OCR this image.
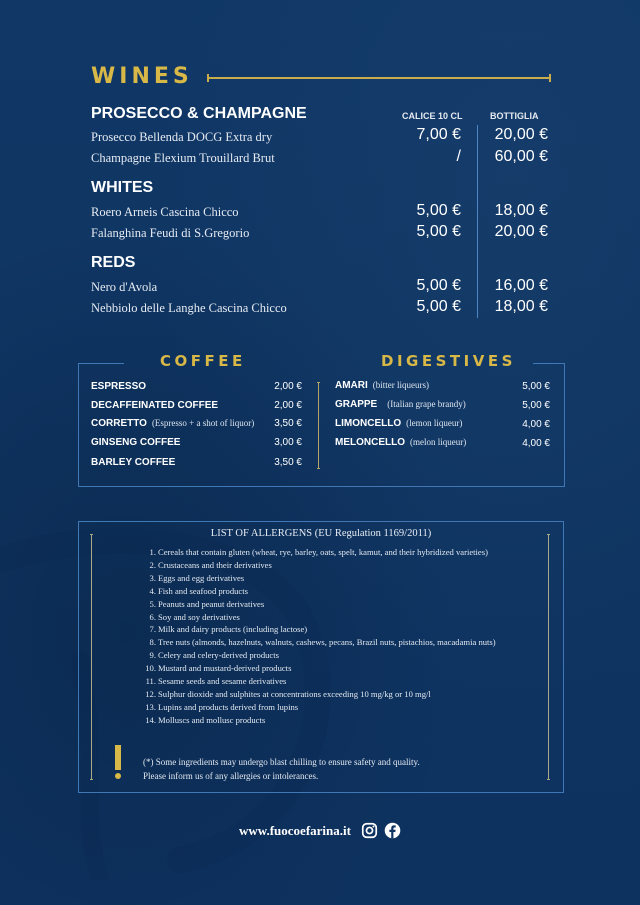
WINES
CALICE 10 CL	BOTTIGLIA
PROSECCO & CHAMPAGNE
Prosecco Bellenda DOCG Extra dry	7,00 € 20,00 €
Champagne Elexium Trouillard Brut	/ 60,00 €
WHITES
Roero Arneis Cascina Chicco	5,00 € 18,00 €
Falanghina Feudi di S.Gregorio	5,00 € 20,00 €
REDS
Nero d'Avola	5,00 € 16,00 €
Nebbiolo delle Langhe Cascina Chicco	5,00 € 18,00 €
COFFEE	DIGESTIVES
ESPRESSO	2,00 €
DECAFFEINATED COFFEE	2,00 €
CORRETTO (Espresso + a shot of liquor) 3,50 €
GINSENG COFFEE	3,00 €
BARLEY COFFEE	3,50 €
AMARI (bitter liqueurs)	5,00 €
GRAPPE (Italian grape brandy)	5,00 €
LIMONCELLO (lemon liqueur)	4,00 €
MELONCELLO (melon liqueur)	4,00 €
LIST OF ALLERGENS (EU Regulation 1169/2011)
1. Cereals that contain gluten (wheat, rye, barley, oats, spelt, kamut, and their hybridized varieties)
2. Crustaceans and their derivatives
3. Eggs and egg derivatives
4. Fish and seafood products
5. Peanuts and peanut derivatives
6. Soy and soy derivatives
7. Milk and dairy products (including lactose)
8. Tree nuts (almonds, hazelnuts, walnuts, cashews, pecans, Brazil nuts, pistachios, macadamia nuts)
9. Celery and celery-derived products
10. Mustard and mustard-derived products
11. Sesame seeds and sesame derivatives
12. Sulphur dioxide and sulphites at concentrations exceeding 10 mg/kg or 10 mg/l
13. Lupins and products derived from lupins
14. Molluscs and mollusc products
(*) Some ingredients may undergo blast chilling to ensure safety and quality.
Please inform us of any allergies or intolerances.
www.fuocoefarina.it
